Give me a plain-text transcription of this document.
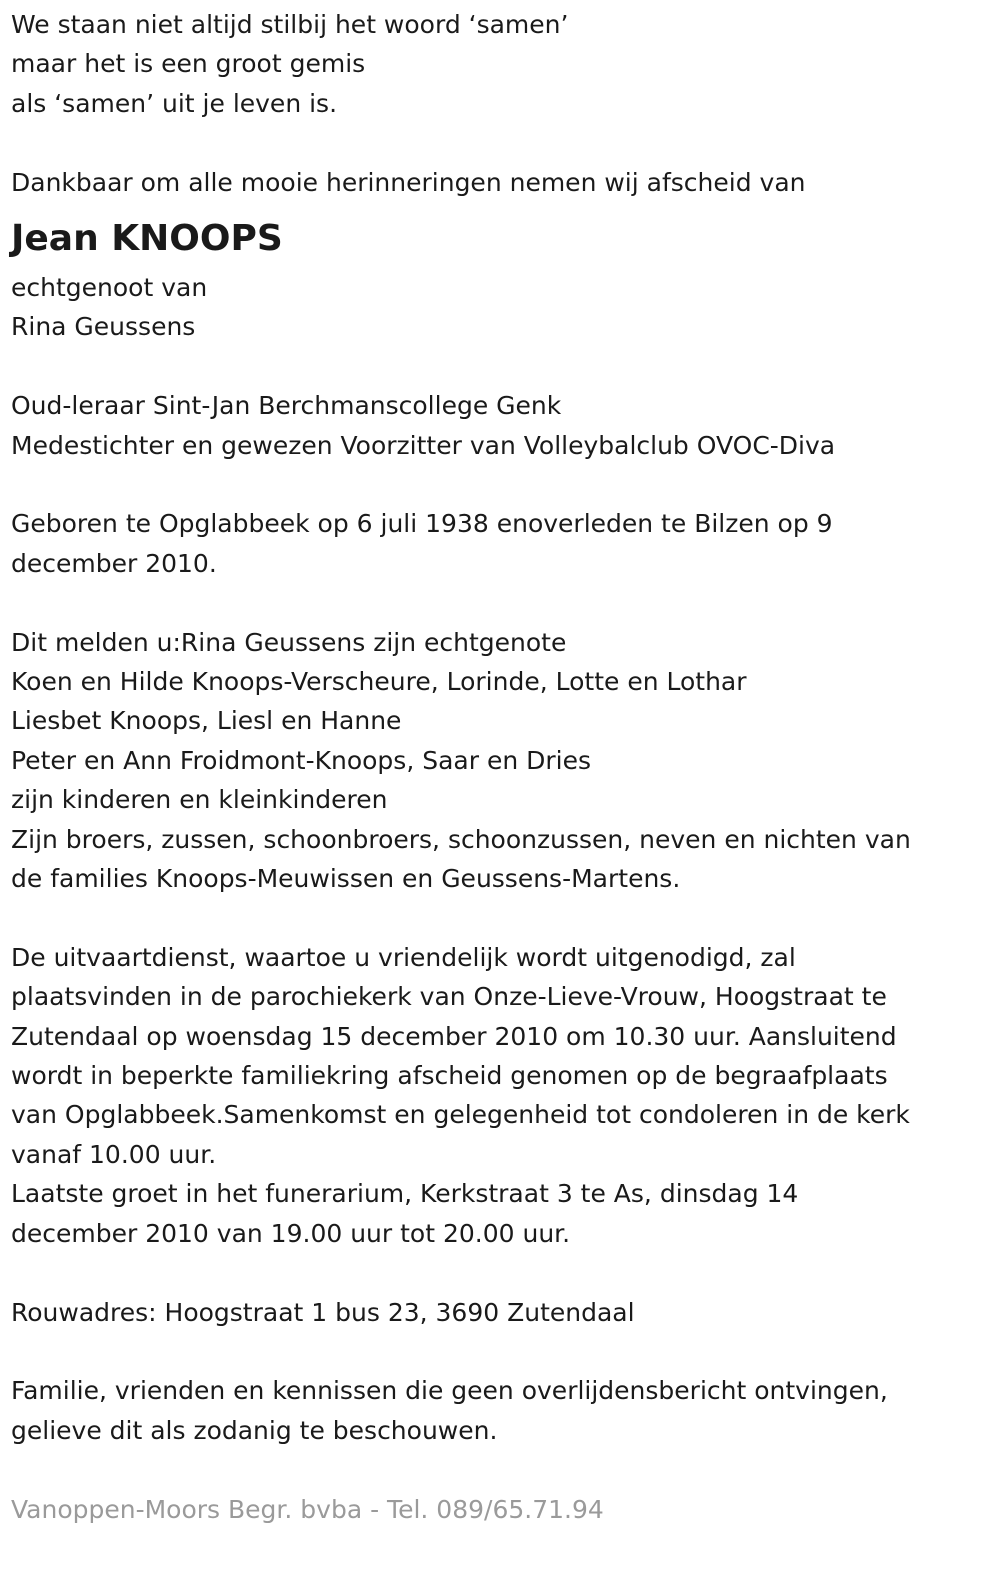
We staan niet altijd stilbij het woord ‘samen’
maar het is een groot gemis
als ‘samen’ uit je leven is.
Dankbaar om alle mooie herinneringen nemen wij afscheid van
Jean KNOOPS
echtgenoot van
Rina Geussens
Oud-leraar Sint-Jan Berchmanscollege Genk
Medestichter en gewezen Voorzitter van Volleybalclub OVOC-Diva
Geboren te Opglabbeek op 6 juli 1938 enoverleden te Bilzen op 9
december 2010.
Dit melden u:Rina Geussens zijn echtgenote
Koen en Hilde Knoops-Verscheure, Lorinde, Lotte en Lothar
Liesbet Knoops, Liesl en Hanne
Peter en Ann Froidmont-Knoops, Saar en Dries
zijn kinderen en kleinkinderen
Zijn broers, zussen, schoonbroers, schoonzussen, neven en nichten van
de families Knoops-Meuwissen en Geussens-Martens.
De uitvaartdienst, waartoe u vriendelijk wordt uitgenodigd, zal
plaatsvinden in de parochiekerk van Onze-Lieve-Vrouw, Hoogstraat te
Zutendaal op woensdag 15 december 2010 om 10.30 uur. Aansluitend
wordt in beperkte familiekring afscheid genomen op de begraafplaats
van Opglabbeek.Samenkomst en gelegenheid tot condoleren in de kerk
vanaf 10.00 uur.
Laatste groet in het funerarium, Kerkstraat 3 te As, dinsdag 14
december 2010 van 19.00 uur tot 20.00 uur.
Rouwadres: Hoogstraat 1 bus 23, 3690 Zutendaal
Familie, vrienden en kennissen die geen overlijdensbericht ontvingen,
gelieve dit als zodanig te beschouwen.
Vanoppen-Moors Begr. bvba - Tel. 089/65.71.94
